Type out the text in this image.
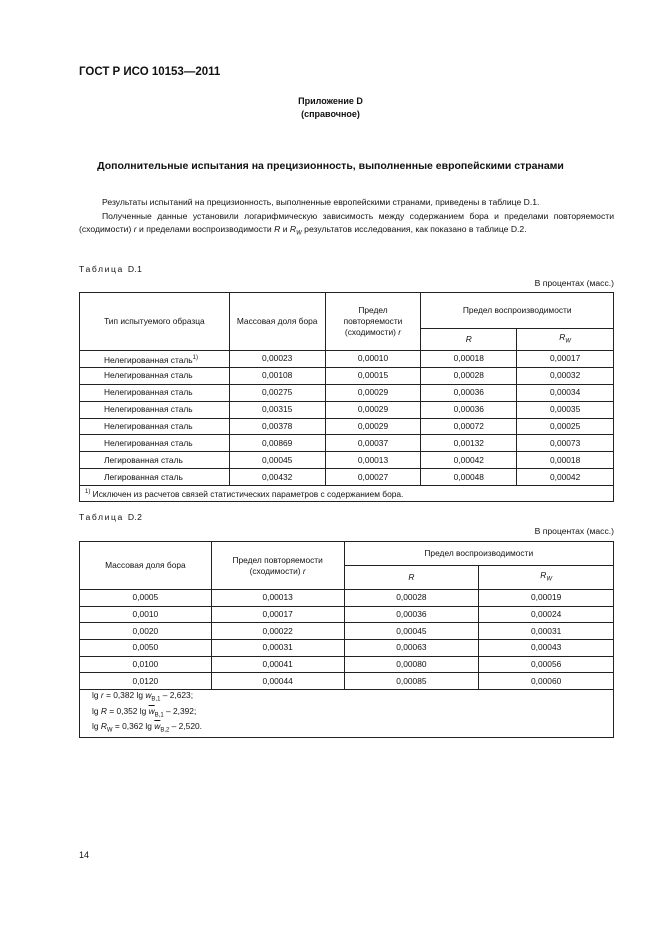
ГОСТ Р ИСО 10153—2011
Приложение D
(справочное)
Дополнительные испытания на прецизионность, выполненные европейскими странами

Результаты испытаний на прецизионность, выполненные европейскими странами, приведены в таблице D.1.

Полученные данные установили логарифмическую зависимость между содержанием бора и пределами повторяемости (сходимости) r и пределами воспроизводимости R и $R_W$ результатов исследования, как показано в таблице D.2.

Таблица D.1
В процентах (масс.)
Тип испытуемого образца	Массовая доля бора	Предел
повторяемости
(сходимости) r	Предел воспроизводимости	
			R	$R_W$
Нелегированная сталь$^{1)}$	0,00023	0,00010	0,00018	0,00017
Нелегированная сталь	0,00108	0,00015	0,00028	0,00032
Нелегированная сталь	0,00275	0,00029	0,00036	0,00034
Нелегированная сталь	0,00315	0,00029	0,00036	0,00035
Нелегированная сталь	0,00378	0,00029	0,00072	0,00025
Нелегированная сталь	0,00869	0,00037	0,00132	0,00073
Легированная сталь	0,00045	0,00013	0,00042	0,00018
Легированная сталь	0,00432	0,00027	0,00048	0,00042
$^{1)}$ Исключен из расчетов связей статистических параметров с содержанием бора.				
Таблица D.2
В процентах (масс.)
Массовая доля бора	Предел повторяемости
(сходимости) r	Предел воспроизводимости	
		R	$R_W$
0,0005	0,00013	0,00028	0,00019
0,0010	0,00017	0,00036	0,00024
0,0020	0,00022	0,00045	0,00031
0,0050	0,00031	0,00063	0,00043
0,0100	0,00041	0,00080	0,00056
0,0120	0,00044	0,00085	0,00060

lg r = 0,382 $\lg \overline{w}_{B,1} - 2,623$;
lg R = 0,352 $\lg \overline{w}_{B,1} - 2,392$;
$\lg R_W = 0,362$ $\lg \overline{w}_{B,2} - 2,520$.			
14
